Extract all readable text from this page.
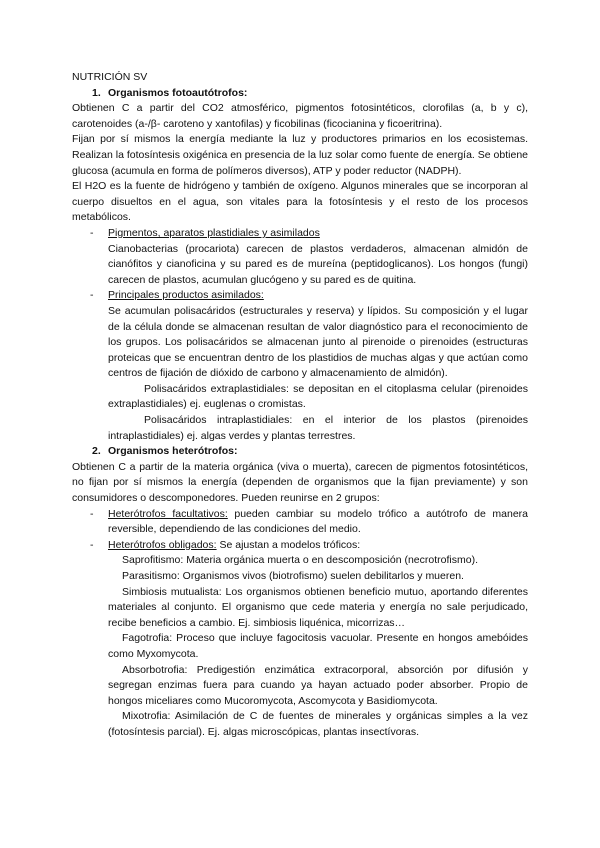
NUTRICIÓN SV
1. Organismos fotoautótrofos:

Obtienen C a partir del CO2 atmosférico, pigmentos fotosintéticos, clorofilas (a, b y c), carotenoides (a-/β- caroteno y xantofilas) y ficobilinas (ficocianina y ficoeritrina).

Fijan por sí mismos la energía mediante la luz y productores primarios en los ecosistemas. Realizan la fotosíntesis oxigénica en presencia de la luz solar como fuente de energía. Se obtiene glucosa (acumula en forma de polímeros diversos), ATP y poder reductor (NADPH).

El H2O es la fuente de hidrógeno y también de oxígeno. Algunos minerales que se incorporan al cuerpo disueltos en el agua, son vitales para la fotosíntesis y el resto de los procesos metabólicos.

- Pigmentos, aparatos plastidiales y asimilados

Cianobacterias (procariota) carecen de plastos verdaderos, almacenan almidón de cianófitos y cianoficina y su pared es de mureína (peptidoglicanos). Los hongos (fungi) carecen de plastos, acumulan glucógeno y su pared es de quitina.

- Principales productos asimilados:

Se acumulan polisacáridos (estructurales y reserva) y lípidos. Su composición y el lugar de la célula donde se almacenan resultan de valor diagnóstico para el reconocimiento de los grupos. Los polisacáridos se almacenan junto al pirenoide o pirenoides (estructuras proteicas que se encuentran dentro de los plastidios de muchas algas y que actúan como centros de fijación de dióxido de carbono y almacenamiento de almidón).

Polisacáridos extraplastidiales: se depositan en el citoplasma celular (pirenoides extraplastidiales) ej. euglenas o cromistas.

Polisacáridos intraplastidiales: en el interior de los plastos (pirenoides intraplastidiales) ej. algas verdes y plantas terrestres.

2. Organismos heterótrofos:

Obtienen C a partir de la materia orgánica (viva o muerta), carecen de pigmentos fotosintéticos, no fijan por sí mismos la energía (dependen de organismos que la fijan previamente) y son consumidores o descomponedores. Pueden reunirse en 2 grupos:

- Heterótrofos facultativos: pueden cambiar su modelo trófico a autótrofo de manera reversible, dependiendo de las condiciones del medio.
- Heterótrofos obligados: Se ajustan a modelos tróficos:

Saprofitismo: Materia orgánica muerta o en descomposición (necrotrofismo).

Parasitismo: Organismos vivos (biotrofismo) suelen debilitarlos y mueren.

Simbiosis mutualista: Los organismos obtienen beneficio mutuo, aportando diferentes materiales al conjunto. El organismo que cede materia y energía no sale perjudicado, recibe beneficios a cambio. Ej. simbiosis liquénica, micorrizas…

Fagotrofia: Proceso que incluye fagocitosis vacuolar. Presente en hongos amebóides como Myxomycota.

Absorbotrofia: Predigestión enzimática extracorporal, absorción por difusión y segregan enzimas fuera para cuando ya hayan actuado poder absorber. Propio de hongos miceliares como Mucoromycota, Ascomycota y Basidiomycota.

Mixotrofia: Asimilación de C de fuentes de minerales y orgánicas simples a la vez (fotosíntesis parcial). Ej. algas microscópicas, plantas insectívoras.
